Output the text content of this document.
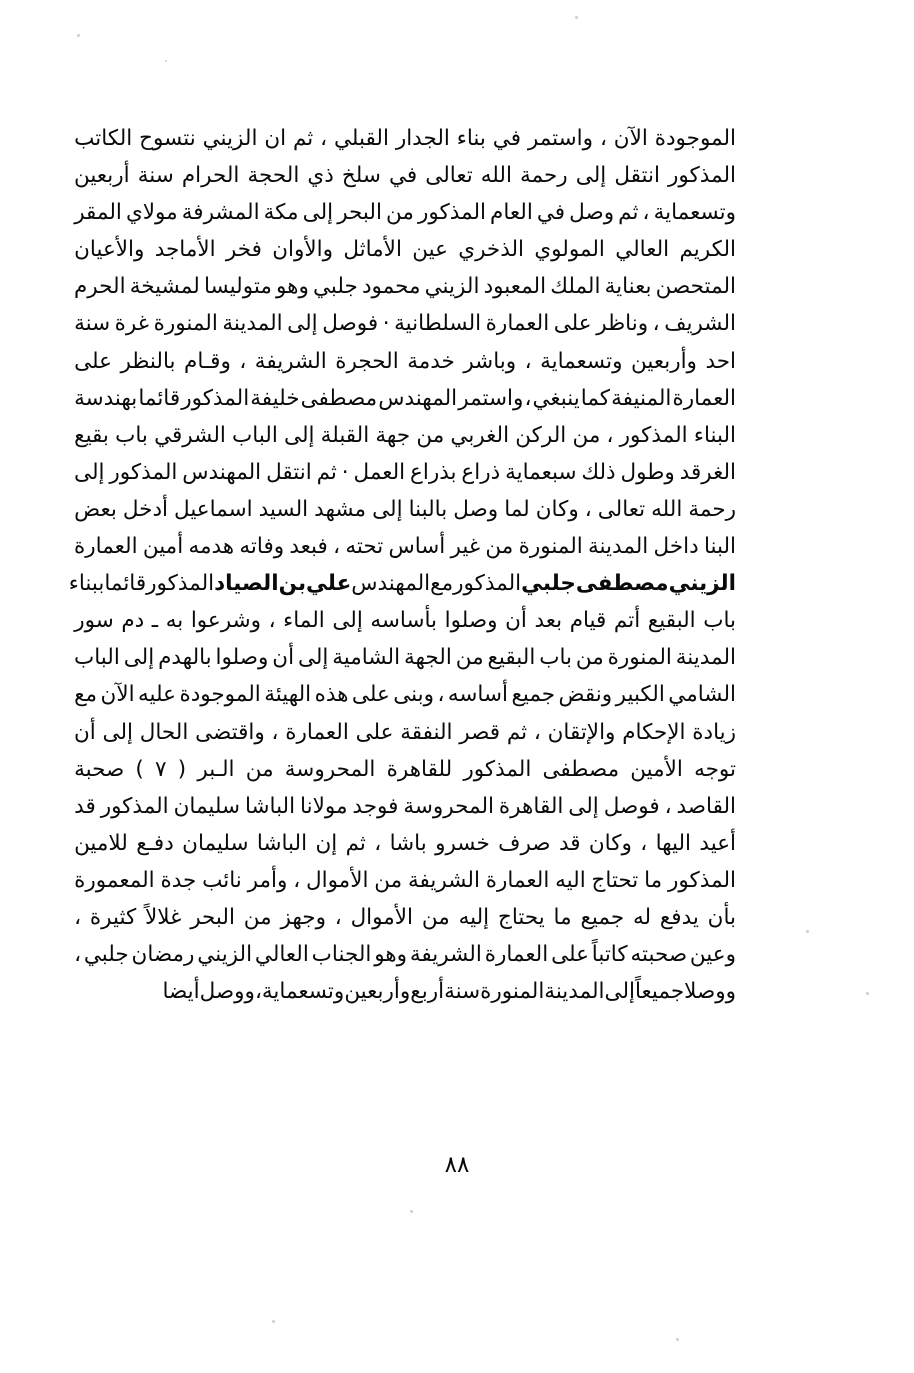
الموجودة
الآن
،
واستمر
في
بناء
الجدار
القبلي
،
ثم
ان
الزيني
نتسوح
الكاتب
المذكور
انتقل
إلى
رحمة
الله
تعالى
في
سلخ
ذي
الحجة
الحرام
سنة
أربعين
وتسعماية
،
ثم
وصل
في
العام
المذكور
من
البحر
إلى
مكة
المشرفة
مولاي
المقر
الكريم
العالي
المولوي
الذخري
عين
الأماثل
والأوان
فخر
الأماجد
والأعيان
المتحصن
بعناية
الملك
المعبود
الزيني
محمود
جلبي
وهو
متوليسا
لمشيخة
الحرم
الشريف
،
وناظر
على
العمارة
السلطانية
·
فوصل
إلى
المدينة
المنورة
غرة
سنة
احد
وأربعين
وتسعماية
،
وباشر
خدمة
الحجرة
الشريفة
،
وقـام
بالنظر
على
العمارة
المنيفة
كما
ينبغي
،
واستمر
المهندس
مصطفى
خليفة
المذكور
قائما
بهندسة
البناء
المذكور
،
من
الركن
الغربي
من
جهة
القبلة
إلى
الباب
الشرقي
باب
بقيع
الغرقد
وطول
ذلك
سبعماية
ذراع
بذراع
العمل
·
ثم
انتقل
المهندس
المذكور
إلى
رحمة
الله
تعالى
،
وكان
لما
وصل
بالبنا
إلى
مشهد
السيد
اسماعيل
أدخل
بعض
البنا
داخل
المدينة
المنورة
من
غير
أساس
تحته
،
فبعد
وفاته
هدمه
أمين
العمارة
الزيني
مصطفى
جلبي
المذكور
مع
المهندس
علي
بن
الصياد
المذكور
قائما
ببناء
باب
البقيع
أتم
قيام
بعد
أن
وصلوا
بأساسه
إلى
الماء
،
وشرعوا
به
ـ
دم
سور
المدينة
المنورة
من
باب
البقيع
من
الجهة
الشامية
إلى
أن
وصلوا
بالهدم
إلى
الباب
الشامي
الكبير
ونقض
جميع
أساسه
،
وبنى
على
هذه
الهيئة
الموجودة
عليه
الآن
مع
زيادة
الإحكام
والإتقان
،
ثم
قصر
النفقة
على
العمارة
،
واقتضى
الحال
إلى
أن
توجه
الأمين
مصطفى
المذكور
للقاهرة
المحروسة
من
الـبر
(
٧
)
صحبة
القاصد
،
فوصل
إلى
القاهرة
المحروسة
فوجد
مولانا
الباشا
سليمان
المذكور
قد
أعيد
اليها
،
وكان
قد
صرف
خسرو
باشا
،
ثم
إن
الباشا
سليمان
دفـع
للامين
المذكور
ما
تحتاج
اليه
العمارة
الشريفة
من
الأموال
،
وأمر
نائب
جدة
المعمورة
بأن
يدفع
له
جميع
ما
يحتاج
إليه
من
الأموال
،
وجهز
من
البحر
غلالاً
كثيرة
،
وعين
صحبته
كاتباً
على
العمارة
الشريفة
وهو
الجناب
العالي
الزيني
رمضان
جلبي
،
ووصلا
جميعاً
إلى
المدينة
المنورة
سنة
أربع
وأربعين
وتسعماية
،
ووصل
أيضا
٨٨
